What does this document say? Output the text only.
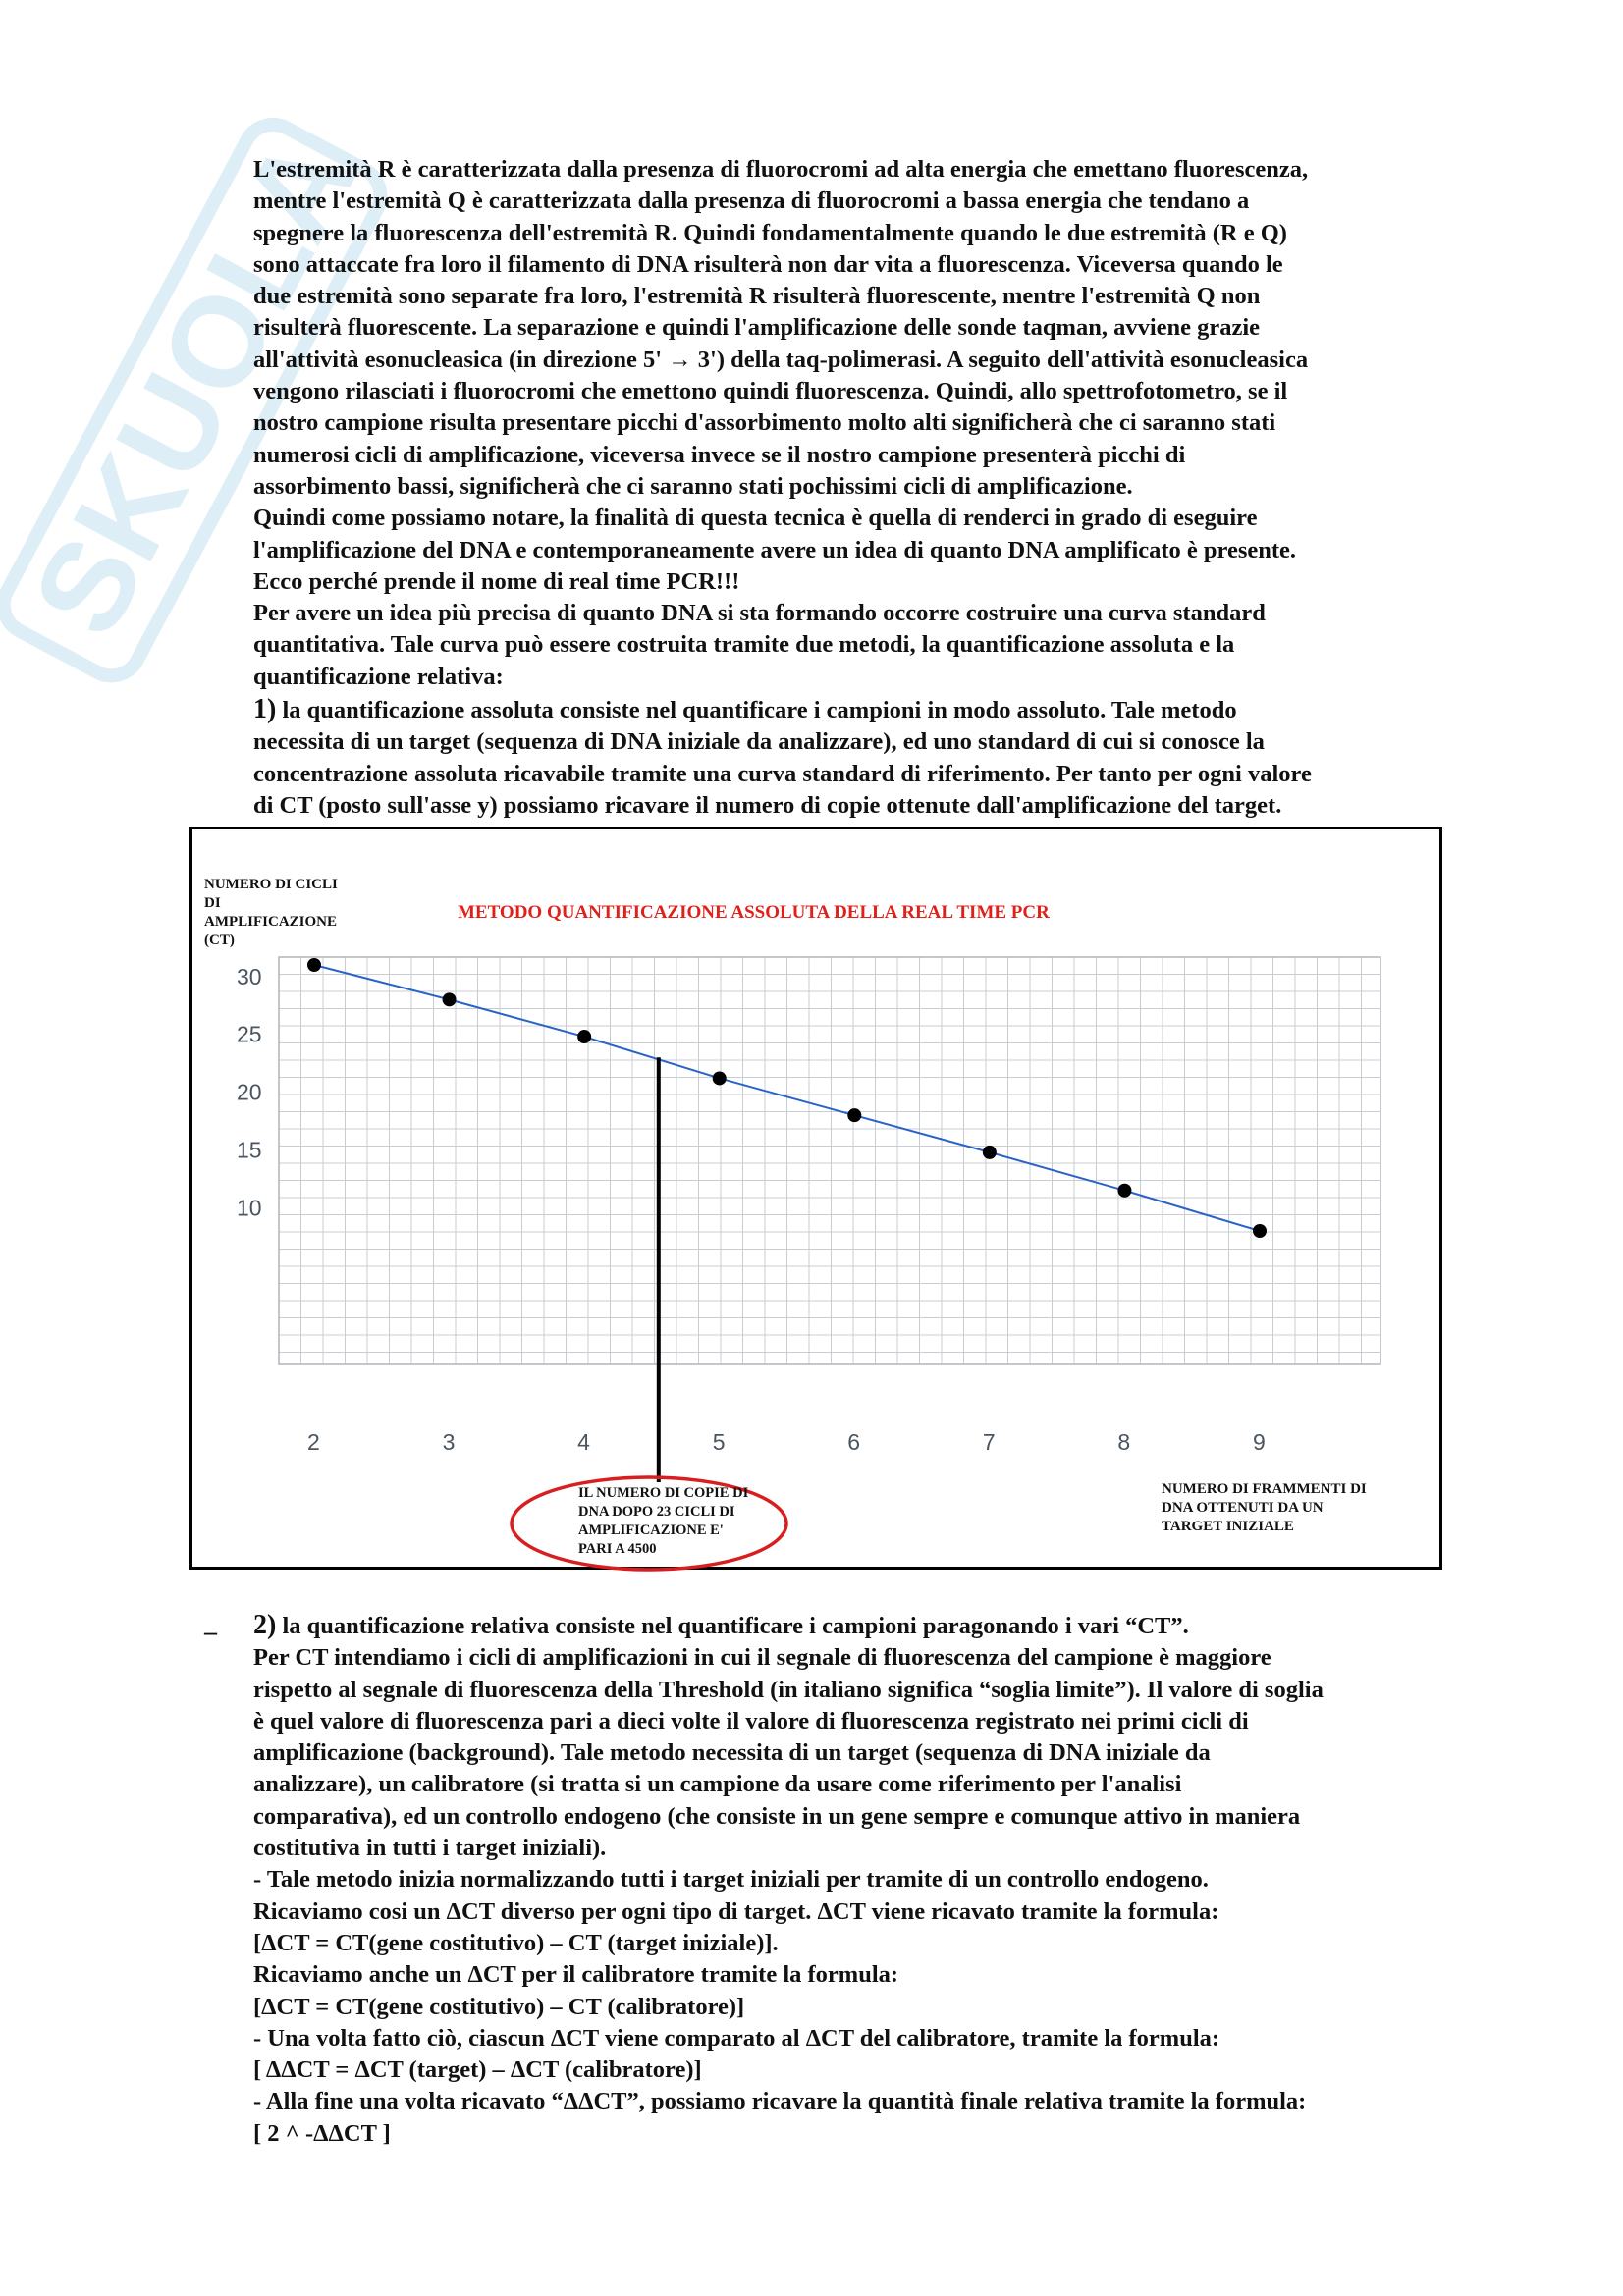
SKUOLA
L'estremità R è caratterizzata dalla presenza di fluorocromi ad alta energia che emettano fluorescenza,
mentre l'estremità Q è caratterizzata dalla presenza di fluorocromi a bassa energia che tendano a
spegnere la fluorescenza dell'estremità R. Quindi fondamentalmente quando le due estremità (R e Q)
sono attaccate fra loro il filamento di DNA risulterà non dar vita a fluorescenza. Viceversa quando le
due estremità sono separate fra loro, l'estremità R risulterà fluorescente, mentre l'estremità Q non
risulterà fluorescente. La separazione e quindi l'amplificazione delle sonde taqman, avviene grazie
all'attività esonucleasica (in direzione 5' → 3') della taq-polimerasi. A seguito dell'attività esonucleasica
vengono rilasciati i fluorocromi che emettono quindi fluorescenza. Quindi, allo spettrofotometro, se il
nostro campione risulta presentare picchi d'assorbimento molto alti significherà che ci saranno stati
numerosi cicli di amplificazione, viceversa invece se il nostro campione presenterà picchi di
assorbimento bassi, significherà che ci saranno stati pochissimi cicli di amplificazione.
Quindi come possiamo notare, la finalità di questa tecnica è quella di renderci in grado di eseguire
l'amplificazione del DNA e contemporaneamente avere un idea di quanto DNA amplificato è presente.
Ecco perché prende il nome di real time PCR!!!
Per avere un idea più precisa di quanto DNA si sta formando occorre costruire una curva standard
quantitativa. Tale curva può essere costruita tramite due metodi, la quantificazione assoluta e la
quantificazione relativa:
1) la quantificazione assoluta consiste nel quantificare i campioni in modo assoluto. Tale metodo
necessita di un target (sequenza di DNA iniziale da analizzare), ed uno standard di cui si conosce la
concentrazione assoluta ricavabile tramite una curva standard di riferimento. Per tanto per ogni valore
di CT (posto sull'asse y) possiamo ricavare il numero di copie ottenute dall'amplificazione del target.
30
25
20
15
10
2	3	4	5	6	7	8	9
METODO QUANTIFICAZIONE ASSOLUTA DELLA REAL TIME PCR
NUMERO DI CICLI
DI
AMPLIFICAZIONE
(CT)
NUMERO DI FRAMMENTI DI
DNA OTTENUTI DA UN
TARGET INIZIALE
IL NUMERO DI COPIE DI
DNA DOPO 23 CICLI DI
AMPLIFICAZIONE E'
PARI A 4500
– 2) la quantificazione relativa consiste nel quantificare i campioni paragonando i vari “CT”.
Per CT intendiamo i cicli di amplificazioni in cui il segnale di fluorescenza del campione è maggiore
rispetto al segnale di fluorescenza della Threshold (in italiano significa “soglia limite”). Il valore di soglia
è quel valore di fluorescenza pari a dieci volte il valore di fluorescenza registrato nei primi cicli di
amplificazione (background). Tale metodo necessita di un target (sequenza di DNA iniziale da
analizzare), un calibratore (si tratta si un campione da usare come riferimento per l'analisi
comparativa), ed un controllo endogeno (che consiste in un gene sempre e comunque attivo in maniera
costitutiva in tutti i target iniziali).
- Tale metodo inizia normalizzando tutti i target iniziali per tramite di un controllo endogeno.
Ricaviamo cosi un ΔCT diverso per ogni tipo di target. ΔCT viene ricavato tramite la formula:
[ΔCT = CT(gene costitutivo) – CT (target iniziale)].
Ricaviamo anche un ΔCT per il calibratore tramite la formula:
[ΔCT = CT(gene costitutivo) – CT (calibratore)]
- Una volta fatto ciò, ciascun ΔCT viene comparato al ΔCT del calibratore, tramite la formula:
[ ΔΔCT = ΔCT (target) – ΔCT (calibratore)]
- Alla fine una volta ricavato “ΔΔCT”, possiamo ricavare la quantità finale relativa tramite la formula:
[ 2 ^ -ΔΔCT ]
